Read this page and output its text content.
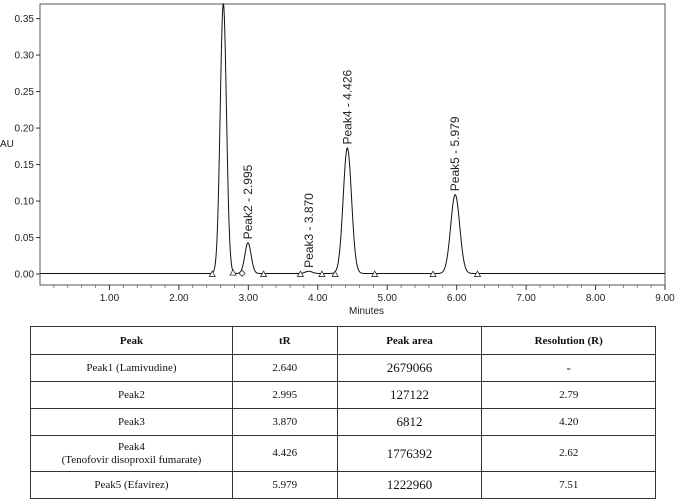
0.00
0.05
0.10
0.15
0.20
0.25
0.30
0.35
1.00	2.00	3.00	4.00	5.00	6.00	7.00	8.00	9.00
Minutes
AU
Peak2 - 2.995	Peak3 - 3.870
Peak4 - 4.426
Peak5 - 5.979
Peak	tR	Peak area	Resolution (R)
Peak1 (Lamivudine)	2.640	2679066	-
Peak2	2.995	127122	2.79
Peak3	3.870	6812	4.20

Peak4
(Tenofovir disoproxil fumarate)	4.426	1776392	2.62
Peak5 (Efavirez)	5.979	1222960	7.51
